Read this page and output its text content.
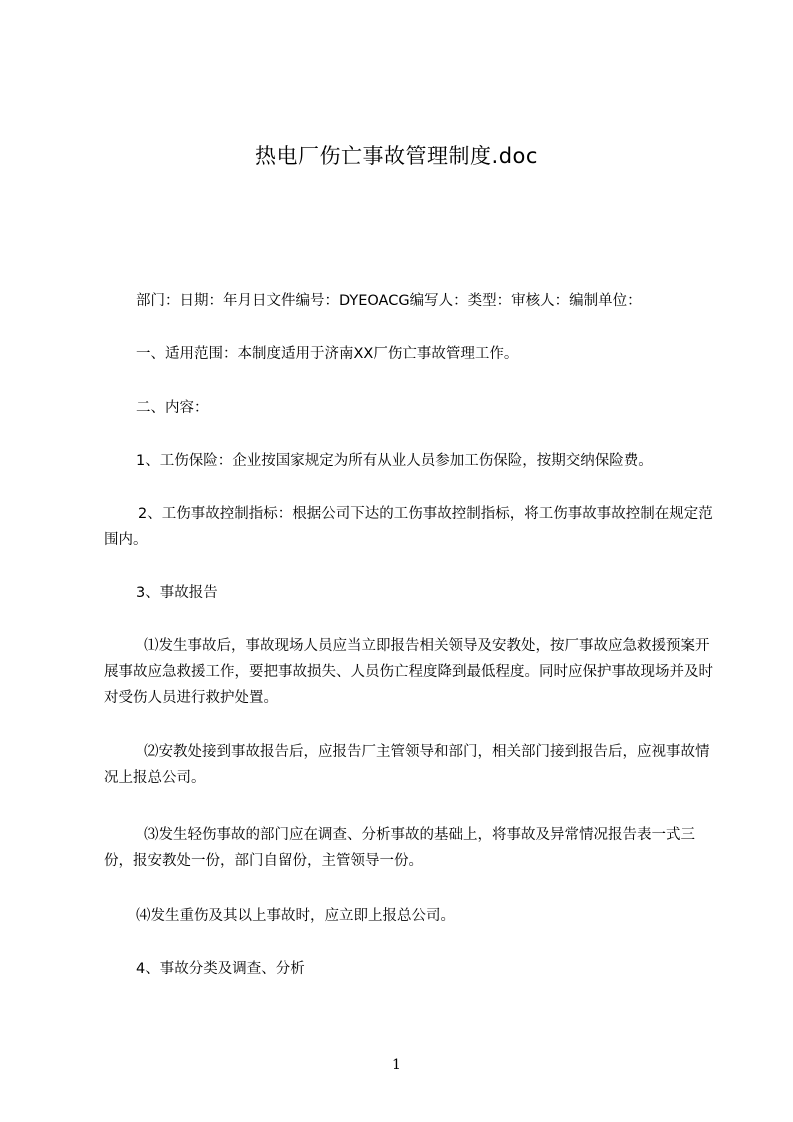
热电厂伤亡事故管理制度.doc
部门：日期：年月日文件编号：DYEOACG编写人：类型：审核人：编制单位：
一、适用范围：本制度适用于济南XX厂伤亡事故管理工作。
二、内容：
1、工伤保险：企业按国家规定为所有从业人员参加工伤保险，按期交纳保险费。
2、工伤事故控制指标：根据公司下达的工伤事故控制指标，将工伤事故事故控制在规定范围内。
3、事故报告
⑴发生事故后，事故现场人员应当立即报告相关领导及安教处，按厂事故应急救援预案开展事故应急救援工作，要把事故损失、人员伤亡程度降到最低程度。同时应保护事故现场并及时对受伤人员进行救护处置。
⑵安教处接到事故报告后，应报告厂主管领导和部门，相关部门接到报告后，应视事故情况上报总公司。
⑶发生轻伤事故的部门应在调查、分析事故的基础上，将事故及异常情况报告表一式三份，报安教处一份，部门自留份，主管领导一份。
⑷发生重伤及其以上事故时，应立即上报总公司。
4、事故分类及调查、分析
1
